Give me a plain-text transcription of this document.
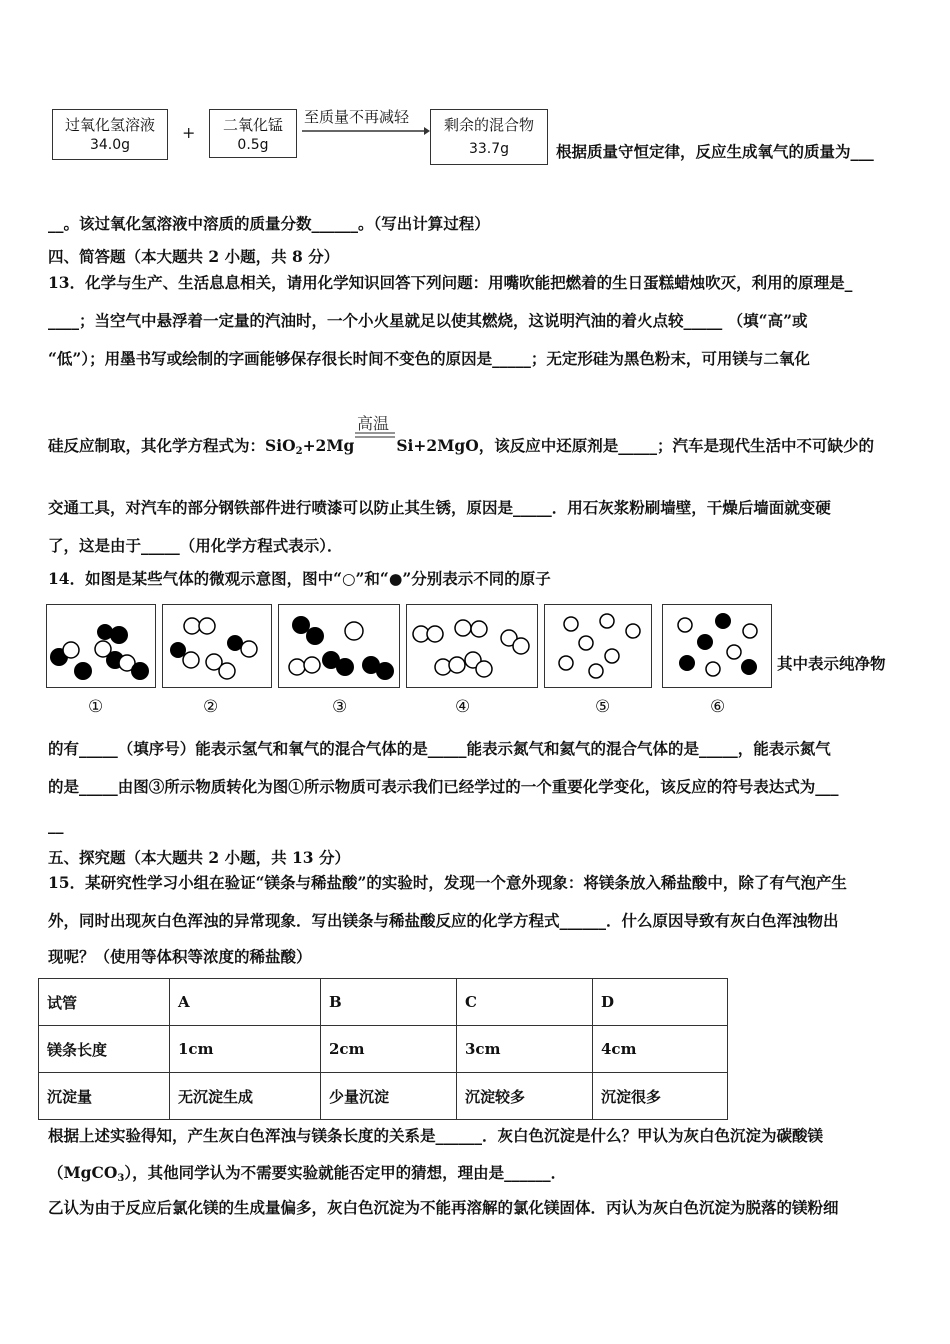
过氧化氢溶液
34.0g
+	二氧化锰
0.5g
至质量不再减轻	剩余的混合物
33.7g	根据质量守恒定律，反应生成氧气的质量为___
__。该过氧化氢溶液中溶质的质量分数______。（写出计算过程）
四、简答题（本大题共 2 小题，共 8 分）
13．化学与生产、生活息息相关，请用化学知识回答下列问题：用嘴吹能把燃着的生日蛋糕蜡烛吹灭，利用的原理是_
____；当空气中悬浮着一定量的汽油时，一个小火星就足以使其燃烧，这说明汽油的着火点较_____ （填“高”或
“低”）；用墨书写或绘制的字画能够保存很长时间不变色的原因是_____；无定形硅为黑色粉末，可用镁与二氧化
高温
硅反应制取，其化学方程式为：SiO$_2$+2Mg	Si+2MgO，该反应中还原剂是_____；汽车是现代生活中不可缺少的
交通工具，对汽车的部分钢铁部件进行喷漆可以防止其生锈，原因是_____．用石灰浆粉刷墙壁，干燥后墙面就变硬
了，这是由于_____（用化学方程式表示）．
14．如图是某些气体的微观示意图，图中“○”和“●”分别表示不同的原子
其中表示纯净物
①	②	③	④	⑤	⑥
的有_____（填序号）能表示氢气和氧气的混合气体的是_____能表示氮气和氦气的混合气体的是_____，能表示氮气
的是_____由图③所示物质转化为图①所示物质可表示我们已经学过的一个重要化学变化，该反应的符号表达式为___
__
五、探究题（本大题共 2 小题，共 13 分）
15．某研究性学习小组在验证“镁条与稀盐酸”的实验时，发现一个意外现象：将镁条放入稀盐酸中，除了有气泡产生
外，同时出现灰白色浑浊的异常现象．写出镁条与稀盐酸反应的化学方程式______．什么原因导致有灰白色浑浊物出
现呢？（使用等体积等浓度的稀盐酸）
试管	A	B	C	D
镁条长度	1cm	2cm	3cm	4cm
沉淀量	无沉淀生成	少量沉淀	沉淀较多	沉淀很多
根据上述实验得知，产生灰白色浑浊与镁条长度的关系是______．灰白色沉淀是什么？甲认为灰白色沉淀为碳酸镁
（MgCO$_3$），其他同学认为不需要实验就能否定甲的猜想，理由是______．
乙认为由于反应后氯化镁的生成量偏多，灰白色沉淀为不能再溶解的氯化镁固体．丙认为灰白色沉淀为脱落的镁粉细
